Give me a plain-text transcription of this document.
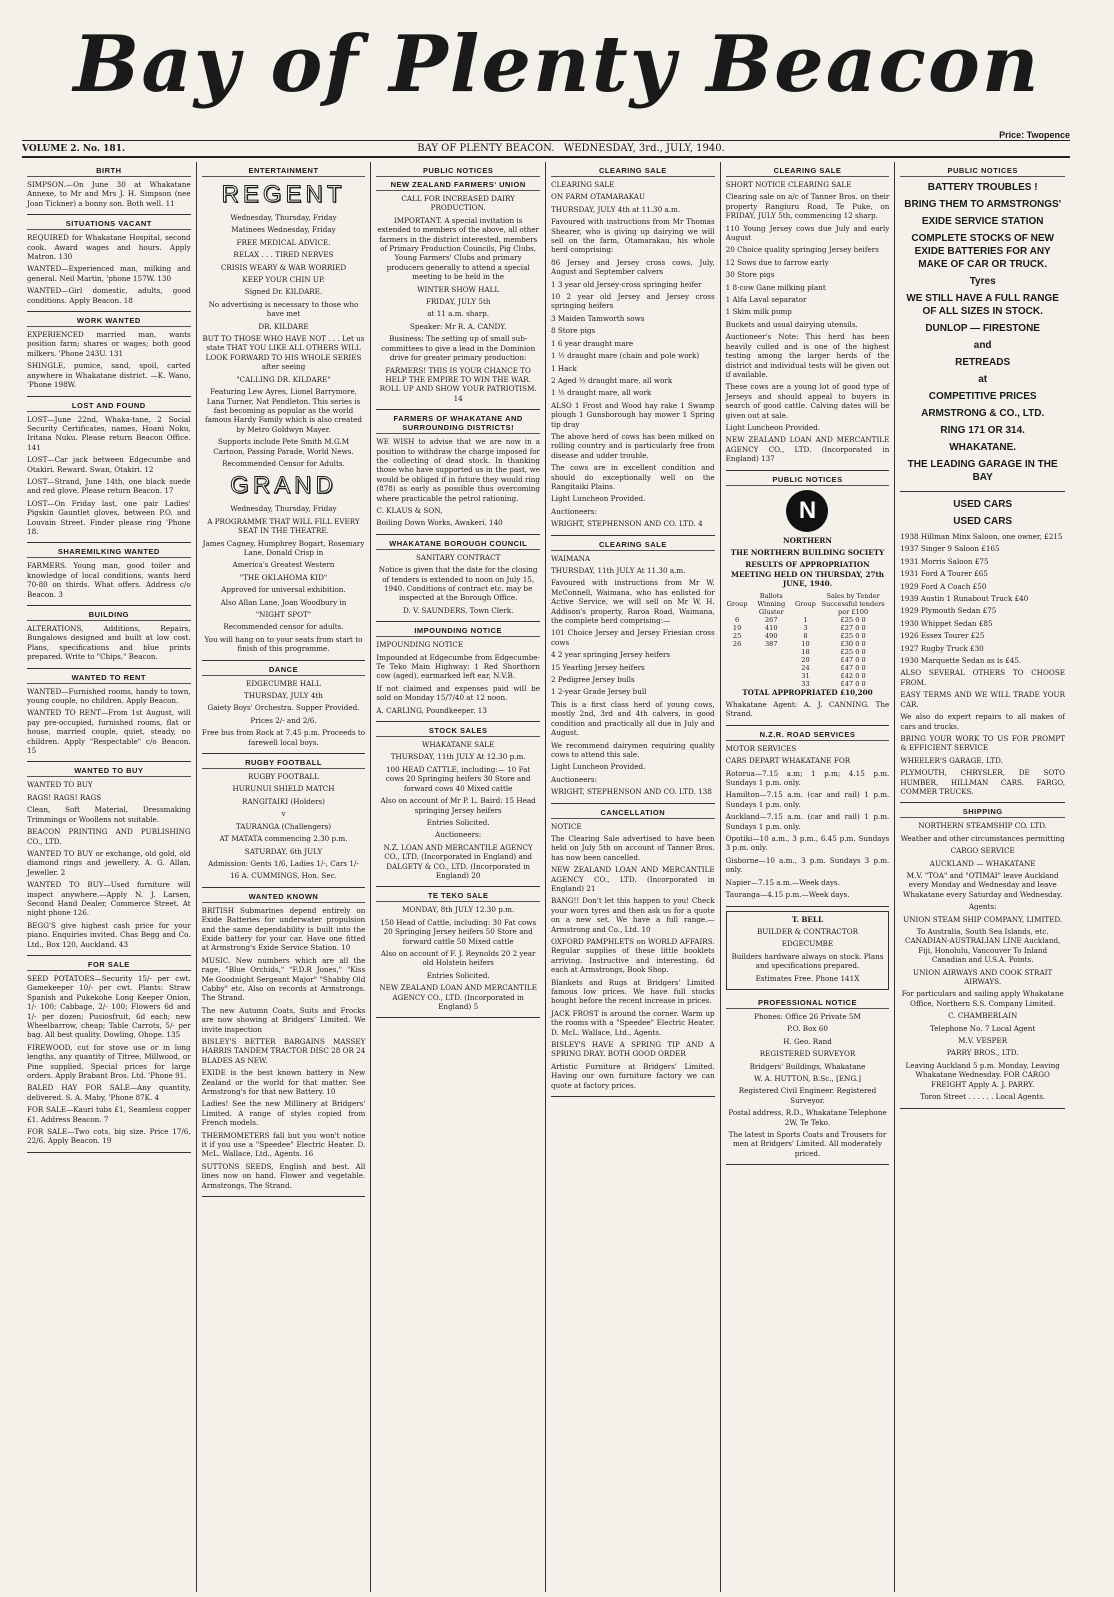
Bay of Plenty Beacon
Price: Twopence
VOLUME 2. No. 181.	BAY OF PLENTY BEACON. WEDNESDAY, 3rd., JULY, 1940.
BIRTH
SIMPSON.—On June 30 at Whakatane Annexe, to Mr and Mrs J. H. Simpson (nee Joan Tickner) a bonny son. Both well. 11
SITUATIONS VACANT
REQUIRED for Whakatane Hospital, second cook. Award wages and hours. Apply Matron. 130
WANTED—Experienced man, milking and general. Neil Martin, 'phone 157W. 130
WANTED—Girl domestic, adults, good conditions. Apply Beacon. 18
WORK WANTED
EXPERIENCED married man, wants position farm; shares or wages; both good milkers. 'Phone 243U. 131
SHINGLE, pumice, sand, spoil, carted anywhere in Whakatane district. —K. Wano, 'Phone 198W.
LOST AND FOUND
LOST—June 22nd, Whaka-tane, 2 Social Security Certificates, names, Hoani Noku, Iritana Nuku. Please return Beacon Office. 141
LOST—Car jack between Edgecumbe and Otakiri. Reward. Swan, Otakiri. 12
LOST—Strand, June 14th, one black suede and red glove. Please return Beacon. 17
LOST—On Friday last, one pair Ladies' Pigskin Gauntlet gloves, between P.O. and Louvain Street. Finder please ring 'Phone 18.
SHAREMILKING WANTED
FARMERS. Young man, good toiler and knowledge of local conditions, wants herd 70-80 on thirds. What offers. Address c/o Beacon. 3
BUILDING
ALTERATIONS, Additions, Repairs, Bungalows designed and built at low cost. Plans, specifications and blue prints prepared. Write to "Chips," Beacon.
WANTED TO RENT
WANTED—Furnished rooms, handy to town, young couple, no children. Apply Beacon.
WANTED TO RENT—From 1st August, will pay pre-occupied, furnished rooms, flat or house, married couple, quiet, steady, no children. Apply "Respectable" c/o Beacon. 15
WANTED TO BUY
WANTED TO BUY
RAGS! RAGS! RAGS
Clean, Soft Material, Dressmaking Trimmings or Woollens not suitable.
BEACON PRINTING AND PUBLISHING CO., LTD.
WANTED TO BUY or exchange, old gold, old diamond rings and jewellery. A. G. Allan, Jeweller. 2
WANTED TO BUY—Used furniture will inspect anywhere.—Apply N. J. Larsen, Second Hand Dealer, Commerce Street. At night phone 126.
BEGG'S give highest cash price for your piano. Enquiries invited. Chas Begg and Co. Ltd., Box 120, Auckland. 43
FOR SALE
SEED POTATOES—Security 15/- per cwt. Gamekeeper 10/- per cwt. Plants: Straw Spanish and Pukekohe Long Keeper Onion, 1/- 100; Cabbage, 2/- 100; Flowers 6d and 1/- per dozen; Pusiosfruit, 6d each; new Wheelbarrow, cheap; Table Carrots, 5/- per bag. All best quality. Dowling, Ohope. 135
FIREWOOD, cut for stove use or in long lengths, any quantity of Titree, Millwood, or Pine supplied. Special prices for large orders. Apply Brabant Bros. Ltd. 'Phone 91.
BALED HAY FOR SALE—Any quantity, delivered. S. A. Maby, 'Phone 87K. 4
FOR SALE—Kauri tubs £1, Seamless copper £1. Address Beacon. 7
FOR SALE—Two cots, big size. Price 17/6, 22/6. Apply Beacon. 19
ENTERTAINMENT
REGENT
Wednesday, Thursday, Friday
Matinees Wednesday, Friday
FREE MEDICAL ADVICE.
RELAX . . . TIRED NERVES
CRISIS WEARY & WAR WORRIED
KEEP YOUR CHIN UP.
Signed Dr. KILDARE.
No advertising is necessary to those who have met
DR. KILDARE
BUT TO THOSE WHO HAVE NOT . . . Let us state THAT YOU LIKE ALL OTHERS WILL LOOK FORWARD TO HIS WHOLE SERIES after seeing
"CALLING DR. KILDARE"
Featuring Lew Ayres, Lionel Barrymore, Lana Turner, Nat Pendleton. This series is fast becoming as popular as the world famous Hardy Family which is also created by Metro Goldwyn Mayer.
Supports include Pete Smith M.G.M Cartoon, Passing Parade, World News.
Recommended Censor for Adults.
GRAND
Wednesday, Thursday, Friday
A PROGRAMME THAT WILL FILL EVERY SEAT IN THE THEATRE.
James Cagney, Humphrey Bogart, Rosemary Lane, Donald Crisp in
America's Greatest Western
"THE OKLAHOMA KID"
Approved for universal exhibition.
Also Allan Lane, Joan Woodbury in
"NIGHT SPOT"
Recommended censor for adults.
You will hang on to your seats from start to finish of this programme.
DANCE
EDGECUMBE HALL
THURSDAY, JULY 4th
Gaiety Boys' Orchestra. Supper Provided.
Prices 2/- and 2/6.
Free bus from Rock at 7.45 p.m. Proceeds to farewell local boys.
RUGBY FOOTBALL
RUGBY FOOTBALL
HURUNUI SHIELD MATCH
RANGITAIKI (Holders)
v
TAURANGA (Challengers)
AT MATATA commencing 2.30 p.m.
SATURDAY, 6th JULY
Admission: Gents 1/6, Ladies 1/-, Cars 1/-
16 A. CUMMINGS, Hon. Sec.
WANTED KNOWN
BRITISH Submarines depend entirely on Exide Batteries for underwater propulsion and the same dependability is built into the Exide battery for your car. Have one fitted at Armstrong's Exide Service Station. 10
MUSIC. New numbers which are all the rage, "Blue Orchids," "F.D.R Jones," "Kiss Me Goodnight Sergeant Major" "Shabby Old Cabby" etc. Also on records at Armstrongs. The Strand.
The new Autumn Coats, Suits and Frocks are now showing at Bridgers' Limited. We invite inspection
BISLEY'S BETTER BARGAINS MASSEY HARRIS TANDEM TRACTOR DISC 28 OR 24 BLADES AS NEW.
EXIDE is the best known battery in New Zealand or the world for that matter. See Armstrong's for that new Battery. 10
Ladies! See the new Millinery at Bridgers' Limited. A range of styles copied from French models.
THERMOMETERS fall but you won't notice it if you use a "Speedee" Electric Heater. D. McL. Wallace, Ltd., Agents. 16
SUTTONS SEEDS, English and best. All lines now on hand. Flower and vegetable. Armstrongs, The Strand.
PUBLIC NOTICES
NEW ZEALAND FARMERS' UNION
CALL FOR INCREASED DAIRY PRODUCTION.
IMPORTANT. A special invitation is extended to members of the above, all other farmers in the district interested, members of Primary Production Councils, Pig Clubs, Young Farmers' Clubs and primary producers generally to attend a special meeting to be held in the
WINTER SHOW HALL
FRIDAY, JULY 5th
at 11 a.m. sharp.
Speaker: Mr R. A. CANDY.
Business: The setting up of small sub-committees to give a lead in the Dominion drive for greater primary production:
FARMERS! THIS IS YOUR CHANCE TO HELP THE EMPIRE TO WIN THE WAR. ROLL UP AND SHOW YOUR PATRIOTISM. 14
FARMERS OF WHAKATANE AND SURROUNDING DISTRICTS!
WE WISH to advise that we are now in a position to withdraw the charge imposed for the collecting of dead stock. In thanking those who have supported us in the past, we would be obliged if in future they would ring (878) as early as possible thus overcoming where practicable the petrol rationing.
C. KLAUS & SON,
Boiling Down Works, Awakeri. 140
WHAKATANE BOROUGH COUNCIL
SANITARY CONTRACT
Notice is given that the date for the closing of tenders is extended to noon on July 15, 1940. Conditions of contract etc. may be inspected at the Borough Office.
D. V. SAUNDERS, Town Clerk.
IMPOUNDING NOTICE
IMPOUNDING NOTICE
Impounded at Edgecumbe from Edgecumbe-Te Teko Main Highway: 1 Red Shorthorn cow (aged), earmarked left ear, N.V.B.
If not claimed and expenses paid will be sold on Monday 15/7/40 at 12 noon.
A. CARLING, Poundkeeper. 13
STOCK SALES
WHAKATANE SALE
THURSDAY, 11th JULY At 12.30 p.m.
100 HEAD CATTLE, including:— 10 Fat cows 20 Springing heifers 30 Store and forward cows 40 Mixed cattle
Also on account of Mr P. L. Baird: 15 Head springing Jersey heifers
Entries Solicited.
Auctioneers:
N.Z. LOAN AND MERCANTILE AGENCY CO., LTD. (Incorporated in England) and DALGETY & CO., LTD. (Incorporated in England) 20
TE TEKO SALE
MONDAY, 8th JULY 12.30 p.m.
150 Head of Cattle, including: 30 Fat cows 20 Springing Jersey heifers 50 Store and forward cattle 50 Mixed cattle
Also on account of F. J. Reynolds 20 2 year old Holstein heifers
Entries Solicited.
NEW ZEALAND LOAN AND MERCANTILE AGENCY CO., LTD. (Incorporated in England) 5
CLEARING SALE
CLEARING SALE
ON FARM OTAMARAKAU
THURSDAY, JULY 4th at 11.30 a.m.
Favoured with instructions from Mr Thomas Shearer, who is giving up dairying we will sell on the farm, Otamarakau, his whole herd comprising:
86 Jersey and Jersey cross cows, July, August and September calvers
1 3 year old Jersey-cross springing heifer
10 2 year old Jersey and Jersey cross springing heifers
3 Maiden Tamworth sows
8 Store pigs
1 6 year draught mare
1 ½ draught mare (chain and pole work)
1 Hack
2 Aged ½ draught mare, all work
1 ½ draught mare, all work
ALSO 1 Frost and Wood hay rake 1 Swamp plough 1 Gunsborough hay mower 1 Spring tip dray
The above herd of cows has been milked on rolling country and is particularly free from disease and udder trouble.
The cows are in excellent condition and should do exceptionally well on the Rangitaiki Plains.
Light Luncheon Provided.
Auctioneers:
WRIGHT, STEPHENSON AND CO. LTD. 4
CLEARING SALE
WAIMANA
THURSDAY, 11th JULY At 11.30 a.m.
Favoured with instructions from Mr W. McConnell, Waimana, who has enlisted for Active Service, we will sell on Mr W. H. Addison's property, Raroa Road, Waimana, the complete herd comprising:—
101 Choice Jersey and Jersey Friesian cross cows
4 2 year springing Jersey heifers
15 Yearling Jersey heifers
2 Pedigree Jersey bulls
1 2-year Grade Jersey bull
This is a first class herd of young cows, mostly 2nd, 3rd and 4th calvers, in good condition and practically all due in July and August.
We recommend dairymen requiring quality cows to attend this sale.
Light Luncheon Provided.
Auctioneers:
WRIGHT, STEPHENSON AND CO. LTD. 138
CANCELLATION
NOTICE
The Clearing Sale advertised to have been held on July 5th on account of Tanner Bros. has now been cancelled.
NEW ZEALAND LOAN AND MERCANTILE AGENCY CO., LTD. (Incorporated in England) 21
BANG!! Don't let this happen to you! Check your worn tyres and then ask us for a quote on a new set. We have a full range.—Armstrong and Co., Ltd. 10
OXFORD PAMPHLETS on WORLD AFFAIRS. Regular supplies of these little booklets arriving. Instructive and interesting. 6d each at Armstrongs, Book Shop.
Blankets and Rugs at Bridgers' Limited famous low prices. We have full stocks bought before the recent increase in prices.
JACK FROST is around the corner. Warm up the rooms with a "Speedee" Electric Heater. D. McL. Wallace, Ltd., Agents.
BISLEY'S HAVE A SPRING TIP AND A SPRING DRAY. BOTH GOOD ORDER
Artistic Furniture at Bridgers' Limited. Having our own furniture factory we can quote at factory prices.
CLEARING SALE
SHORT NOTICE CLEARING SALE
Clearing sale on a/c of Tanner Bros. on their property Rangiuru Road, Te Puke, on FRIDAY, JULY 5th, commencing 12 sharp.
110 Young Jersey cows due July and early August
20 Choice quality springing Jersey heifers
12 Sows due to farrow early
30 Store pigs
1 8-cow Gane milking plant
1 Alfa Laval separator
1 Skim milk pump
Buckets and usual dairying utensils.
Auctioneer's Note: This herd has been heavily culled and is one of the highest testing among the larger herds of the district and individual tests will be given out if available.
These cows are a young lot of good type of Jerseys and should appeal to buyers in search of good cattle. Calving dates will be given out at sale.
Light Luncheon Provided.
NEW ZEALAND LOAN AND MERCANTILE AGENCY CO., LTD. (Incorporated in England) 137
PUBLIC NOTICES
N
NORTHERN
THE NORTHERN BUILDING SOCIETY
RESULTS OF APPROPRIATION MEETING HELD ON THURSDAY, 27th JUNE, 1940.
Group	Ballots Winning Gluster	Group	Sales by Tender Successful tenders per £100
6	267	1	£25 0 0
19	410	3	£27 0 0
25	490	8	£25 0 0
26	387	10	£30 0 0
		18	£25 0 0
		20	£47 0 0
		24	£47 0 0
		31	£42 0 0
		33	£47 0 0
TOTAL APPROPRIATED £10,200
Whakatane Agent: A. J. CANNING. The Strand.
N.Z.R. ROAD SERVICES
MOTOR SERVICES
CARS DEPART WHAKATANE FOR
Rotorua—7.15 a.m; 1 p.m; 4.15 p.m. Sundays 1 p.m. only.
Hamilton—7.15 a.m. (car and rail) 1 p.m. Sundays 1 p.m. only.
Auckland—7.15 a.m. (car and rail) 1 p.m. Sundays 1 p.m. only.
Opotiki—10 a.m., 3 p.m., 6.45 p.m. Sundays 3 p.m. only.
Gisborne—10 a.m., 3 p.m. Sundays 3 p.m. only.
Napier—7.15 a.m.—Week days.
Tauranga—4.15 p.m.—Week days.
T. BELL
BUILDER & CONTRACTOR
EDGECUMBE
Builders hardware always on stock. Plans and specifications prepared.
Estimates Free. Phone 141X
PROFESSIONAL NOTICE
Phones: Office 26 Private 5M
P.O. Box 60
H. Geo. Rand
REGISTERED SURVEYOR
Bridgers' Buildings, Whakatane
W. A. HUTTON, B.Sc., [ENG.]
Registered Civil Engineer. Registered Surveyor.
Postal address, R.D., Whakatane Telephone 2W, Te Teko.
The latest in Sports Coats and Trousers for men at Bridgers' Limited. All moderately priced.
PUBLIC NOTICES
BATTERY TROUBLES !
BRING THEM TO ARMSTRONGS'
EXIDE SERVICE STATION
COMPLETE STOCKS OF NEW EXIDE BATTERIES FOR ANY MAKE OF CAR OR TRUCK.
Tyres
WE STILL HAVE A FULL RANGE OF ALL SIZES IN STOCK.
DUNLOP — FIRESTONE
and
RETREADS
at
COMPETITIVE PRICES
ARMSTRONG & CO., LTD.
RING 171 OR 314.
WHAKATANE.
THE LEADING GARAGE IN THE BAY
USED CARS
USED CARS
1938 Hillman Minx Saloon, one owner, £215
1937 Singer 9 Saloon £165
1931 Morris Saloon £75
1931 Ford A Tourer £65
1929 Ford A Coach £50
1939 Austin 1 Runabout Truck £40
1929 Plymouth Sedan £75
1930 Whippet Sedan £85
1926 Essex Tourer £25
1927 Rugby Truck £30
1930 Marquette Sedan as is £45.
ALSO SEVERAL OTHERS TO CHOOSE FROM.
EASY TERMS AND WE WILL TRADE YOUR CAR.
We also do expert repairs to all makes of cars and trucks.
BRING YOUR WORK TO US FOR PROMPT & EFFICIENT SERVICE
WHEELER'S GARAGE, LTD.
PLYMOUTH, CHRYSLER, DE SOTO HUMBER, HILLMAN CARS. FARGO, COMMER TRUCKS.
SHIPPING
NORTHERN STEAMSHIP CO. LTD.
Weather and other circumstances permitting
CARGO SERVICE
AUCKLAND — WHAKATANE
M.V. "TOA" and "OTIMAI" leave Auckland every Monday and Wednesday and leave Whakatane every Saturday and Wednesday.
Agents:
UNION STEAM SHIP COMPANY, LIMITED.
To Australia, South Sea Islands, etc. CANADIAN-AUSTRALIAN LINE Auckland, Fiji, Honolulu, Vancouver To Inland Canadian and U.S.A. Points.
UNION AIRWAYS AND COOK STRAIT AIRWAYS.
For particulars and sailing apply Whakatane Office, Northern S.S. Company Limited.
C. CHAMBERLAIN
Telephone No. 7 Local Agent
M.V. VESPER
PARRY BROS., LTD.
Leaving Auckland 5 p.m. Monday, Leaving Whakatane Wednesday. FOR CARGO FREIGHT Apply A. J. PARRY.
Toron Street . . . . . . Local Agents.
